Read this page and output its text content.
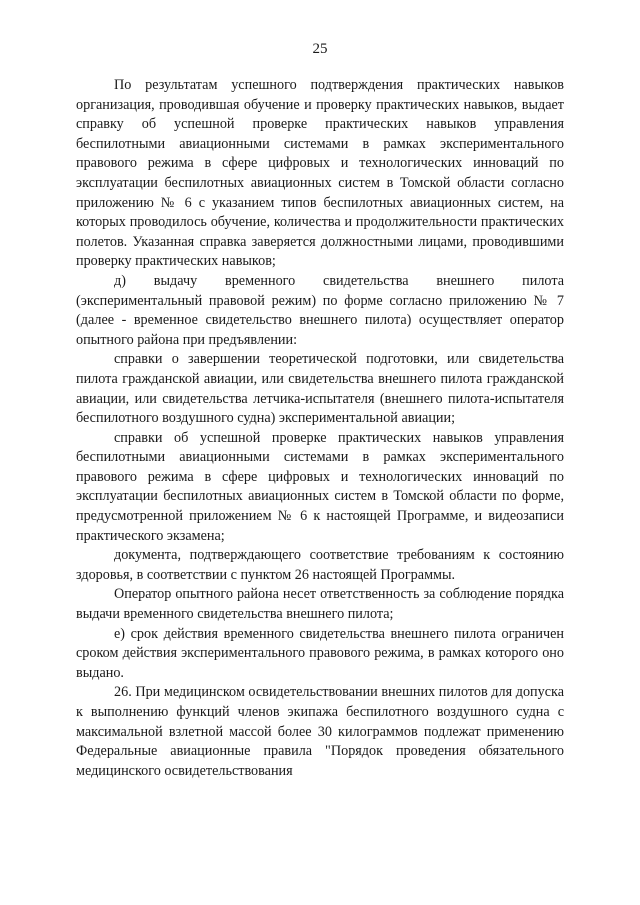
25

По результатам успешного подтверждения практических навыков организация, проводившая обучение и проверку практических навыков, выдает справку об успешной проверке практических навыков управления беспилотными авиационными системами в рамках экспериментального правового режима в сфере цифровых и технологических инноваций по эксплуатации беспилотных авиационных систем в Томской области согласно приложению № 6 с указанием типов беспилотных авиационных систем, на которых проводилось обучение, количества и продолжительности практических полетов. Указанная справка заверяется должностными лицами, проводившими проверку практических навыков;

д) выдачу временного свидетельства внешнего пилота (экспериментальный правовой режим) по форме согласно приложению № 7 (далее - временное свидетельство внешнего пилота) осуществляет оператор опытного района при предъявлении:

справки о завершении теоретической подготовки, или свидетельства пилота гражданской авиации, или свидетельства внешнего пилота гражданской авиации, или свидетельства летчика-испытателя (внешнего пилота-испытателя беспилотного воздушного судна) экспериментальной авиации;

справки об успешной проверке практических навыков управления беспилотными авиационными системами в рамках экспериментального правового режима в сфере цифровых и технологических инноваций по эксплуатации беспилотных авиационных систем в Томской области по форме, предусмотренной приложением № 6 к настоящей Программе, и видеозаписи практического экзамена;

документа, подтверждающего соответствие требованиям к состоянию здоровья, в соответствии с пунктом 26 настоящей Программы.

Оператор опытного района несет ответственность за соблюдение порядка выдачи временного свидетельства внешнего пилота;

е) срок действия временного свидетельства внешнего пилота ограничен сроком действия экспериментального правового режима, в рамках которого оно выдано.

26. При медицинском освидетельствовании внешних пилотов для допуска к выполнению функций членов экипажа беспилотного воздушного судна с максимальной взлетной массой более 30 килограммов подлежат применению Федеральные авиационные правила "Порядок проведения обязательного медицинского освидетельствования
